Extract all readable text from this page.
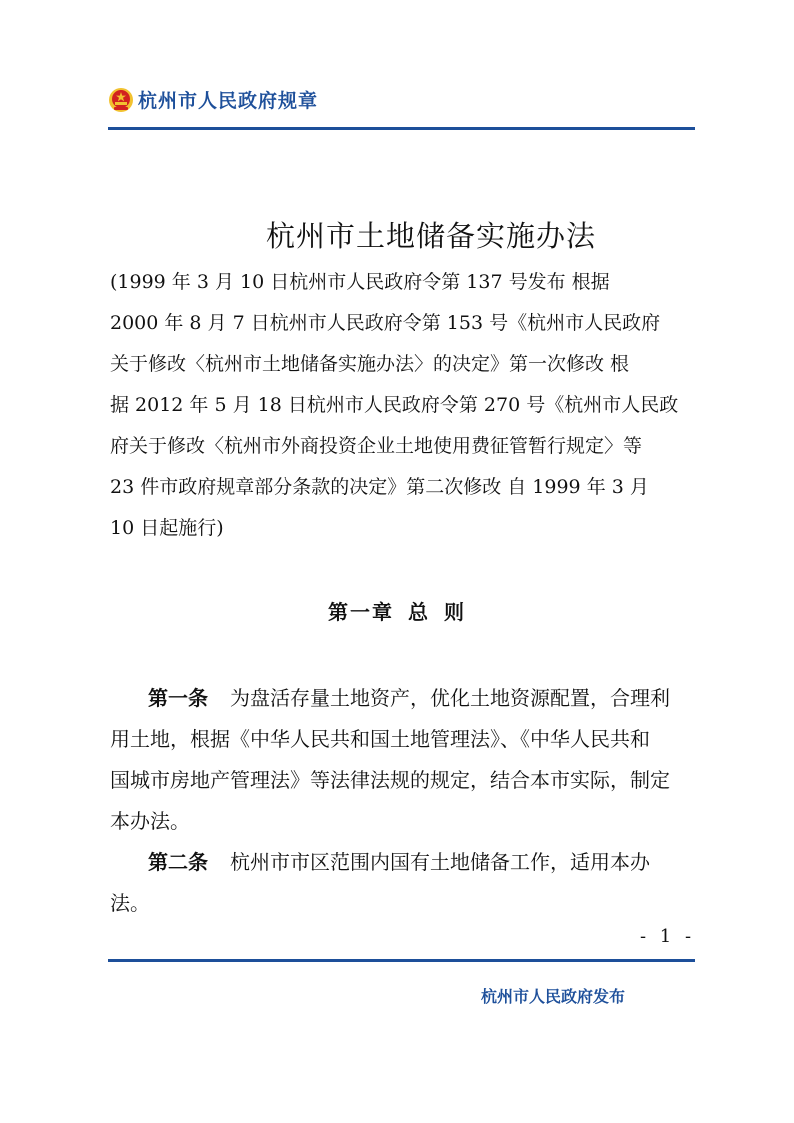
杭州市人民政府规章
杭州市土地储备实施办法
(1999 年 3 月 10 日杭州市人民政府令第 137 号发布 根据
2000 年 8 月 7 日杭州市人民政府令第 153 号《杭州市人民政府
关于修改〈杭州市土地储备实施办法〉的决定》第一次修改 根
据 2012 年 5 月 18 日杭州市人民政府令第 270 号《杭州市人民政
府关于修改〈杭州市外商投资企业土地使用费征管暂行规定〉等
23 件市政府规章部分条款的决定》第二次修改 自 1999 年 3 月
10 日起施行)
第一章 总 则
第一条 为盘活存量土地资产，优化土地资源配置，合理利
用土地，根据《中华人民共和国土地管理法》、《中华人民共和
国城市房地产管理法》等法律法规的规定，结合本市实际，制定
本办法。
第二条 杭州市市区范围内国有土地储备工作，适用本办
法。
- 1 -
杭州市人民政府发布
